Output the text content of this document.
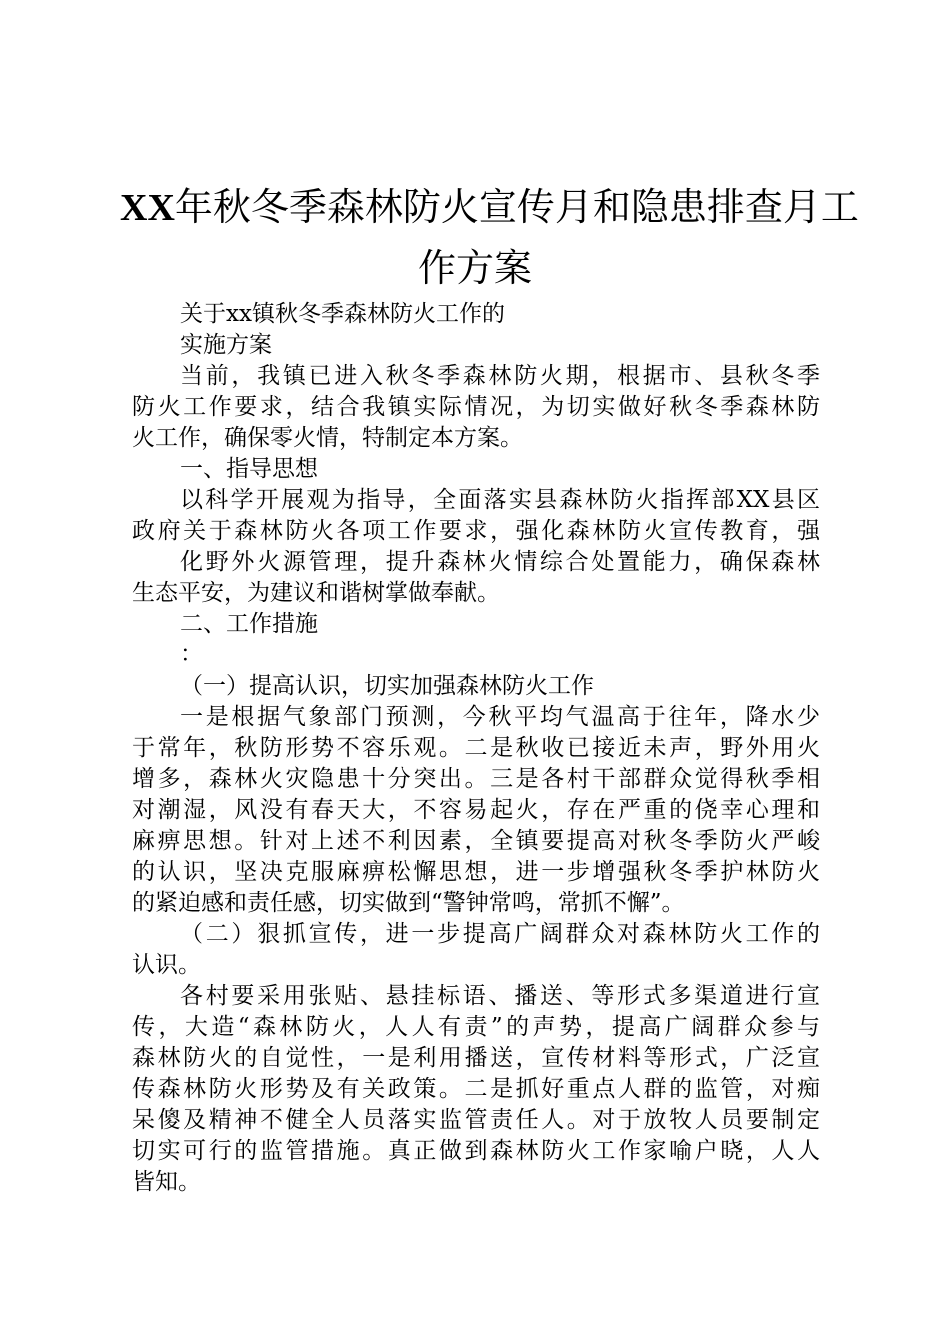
XX年秋冬季森林防火宣传月和隐患排查月工
作方案
关于xx镇秋冬季森林防火工作的
实施方案
当前，我镇已进入秋冬季森林防火期，根据市、县秋冬季
防火工作要求，结合我镇实际情况，为切实做好秋冬季森林防
火工作，确保零火情，特制定本方案。
一、指导思想
以科学开展观为指导，全面落实县森林防火指挥部XX县区
政府关于森林防火各项工作要求，强化森林防火宣传教育，强
化野外火源管理，提升森林火情综合处置能力，确保森林
生态平安，为建议和谐树掌做奉献。
二、工作措施
：
（一）提高认识，切实加强森林防火工作
一是根据气象部门预测，今秋平均气温高于往年，降水少
于常年，秋防形势不容乐观。二是秋收已接近未声，野外用火
增多，森林火灾隐患十分突出。三是各村干部群众觉得秋季相
对潮湿，风没有春天大，不容易起火，存在严重的侥幸心理和
麻痹思想。针对上述不利因素，全镇要提高对秋冬季防火严峻
的认识，坚决克服麻痹松懈思想，进一步增强秋冬季护林防火
的紧迫感和责任感，切实做到“警钟常鸣，常抓不懈”。
（二）狠抓宣传，进一步提高广阔群众对森林防火工作的
认识。
各村要采用张贴、悬挂标语、播送、等形式多渠道进行宣
传，大造“森林防火，人人有责”的声势，提高广阔群众参与
森林防火的自觉性，一是利用播送，宣传材料等形式，广泛宣
传森林防火形势及有关政策。二是抓好重点人群的监管，对痴
呆傻及精神不健全人员落实监管责任人。对于放牧人员要制定
切实可行的监管措施。真正做到森林防火工作家喻户晓，人人
皆知。
